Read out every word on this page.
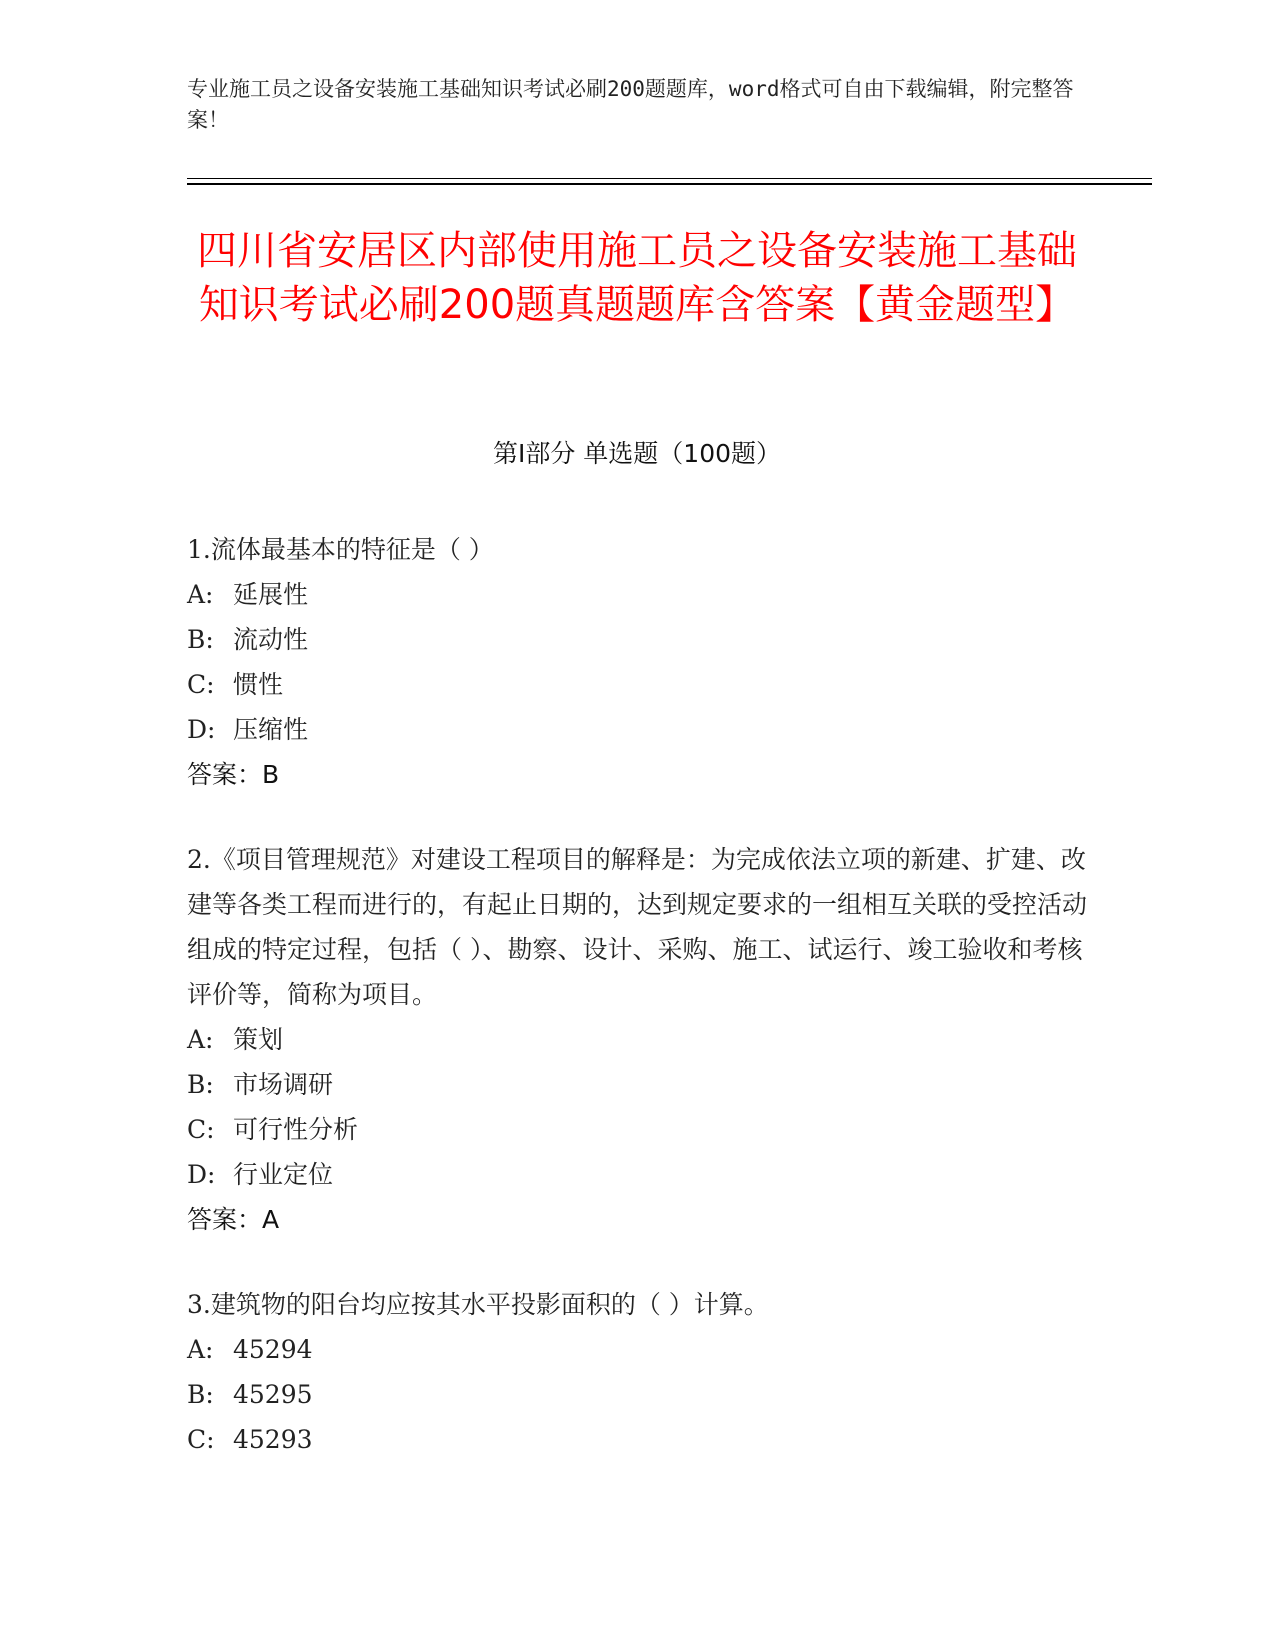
专业施工员之设备安装施工基础知识考试必刷200题题库，word格式可自由下载编辑，附完整答案！

四川省安居区内部使用施工员之设备安装施工基础知识考试必刷200题真题题库含答案【黄金题型】
第Ⅰ部分 单选题（100题）

1.流体最基本的特征是（ ）

A: 延展性

B: 流动性

C: 惯性

D: 压缩性

答案：B

2.《项目管理规范》对建设工程项目的解释是：为完成依法立项的新建、扩建、改建等各类工程而进行的，有起止日期的，达到规定要求的一组相互关联的受控活动组成的特定过程，包括（ ）、勘察、设计、采购、施工、试运行、竣工验收和考核评价等，简称为项目。

A: 策划

B: 市场调研

C: 可行性分析

D: 行业定位

答案：A

3.建筑物的阳台均应按其水平投影面积的（ ）计算。

A: 45294

B: 45295

C: 45293
